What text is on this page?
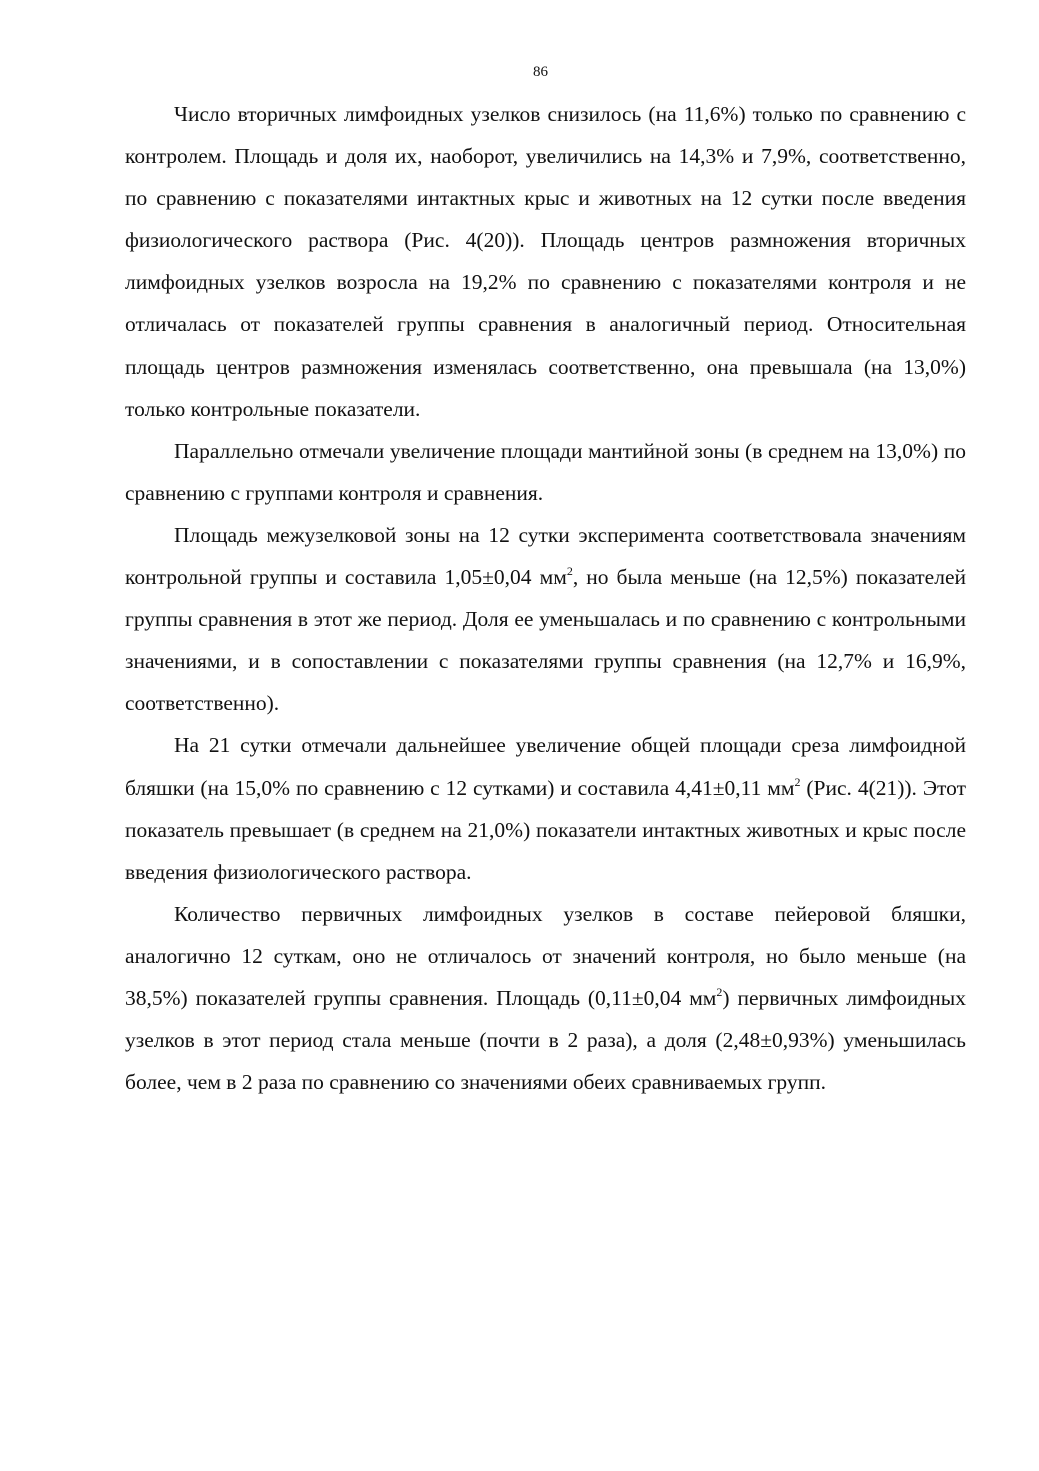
86

Число вторичных лимфоидных узелков снизилось (на 11,6%) только по сравнению с контролем. Площадь и доля их, наоборот, увеличились на 14,3% и 7,9%, соответственно, по сравнению с показателями интактных крыс и животных на 12 сутки после введения физиологического раствора (Рис. 4(20)). Площадь центров размножения вторичных лимфоидных узелков возросла на 19,2% по сравнению с показателями контроля и не отличалась от показателей группы сравнения в аналогичный период. Относительная площадь центров размножения изменялась соответственно, она превышала (на 13,0%) только контрольные показатели.

Параллельно отмечали увеличение площади мантийной зоны (в среднем на 13,0%) по сравнению с группами контроля и сравнения.

Площадь межузелковой зоны на 12 сутки эксперимента соответствовала значениям контрольной группы и составила 1,05±0,04 $мм^2$, но была меньше (на 12,5%) показателей группы сравнения в этот же период. Доля ее уменьшалась и по сравнению с контрольными значениями, и в сопоставлении с показателями группы сравнения (на 12,7% и 16,9%, соответственно).

На 21 сутки отмечали дальнейшее увеличение общей площади среза лимфоидной бляшки (на 15,0% по сравнению с 12 сутками) и составила 4,41±0,11 $мм^2$ (Рис. 4(21)). Этот показатель превышает (в среднем на 21,0%) показатели интактных животных и крыс после введения физиологического раствора.

Количество первичных лимфоидных узелков в составе пейеровой бляшки, аналогично 12 суткам, оно не отличалось от значений контроля, но было меньше (на 38,5%) показателей группы сравнения. Площадь (0,11±0,04 $мм^2$) первичных лимфоидных узелков в этот период стала меньше (почти в 2 раза), а доля (2,48±0,93%) уменьшилась более, чем в 2 раза по сравнению со значениями обеих сравниваемых групп.
